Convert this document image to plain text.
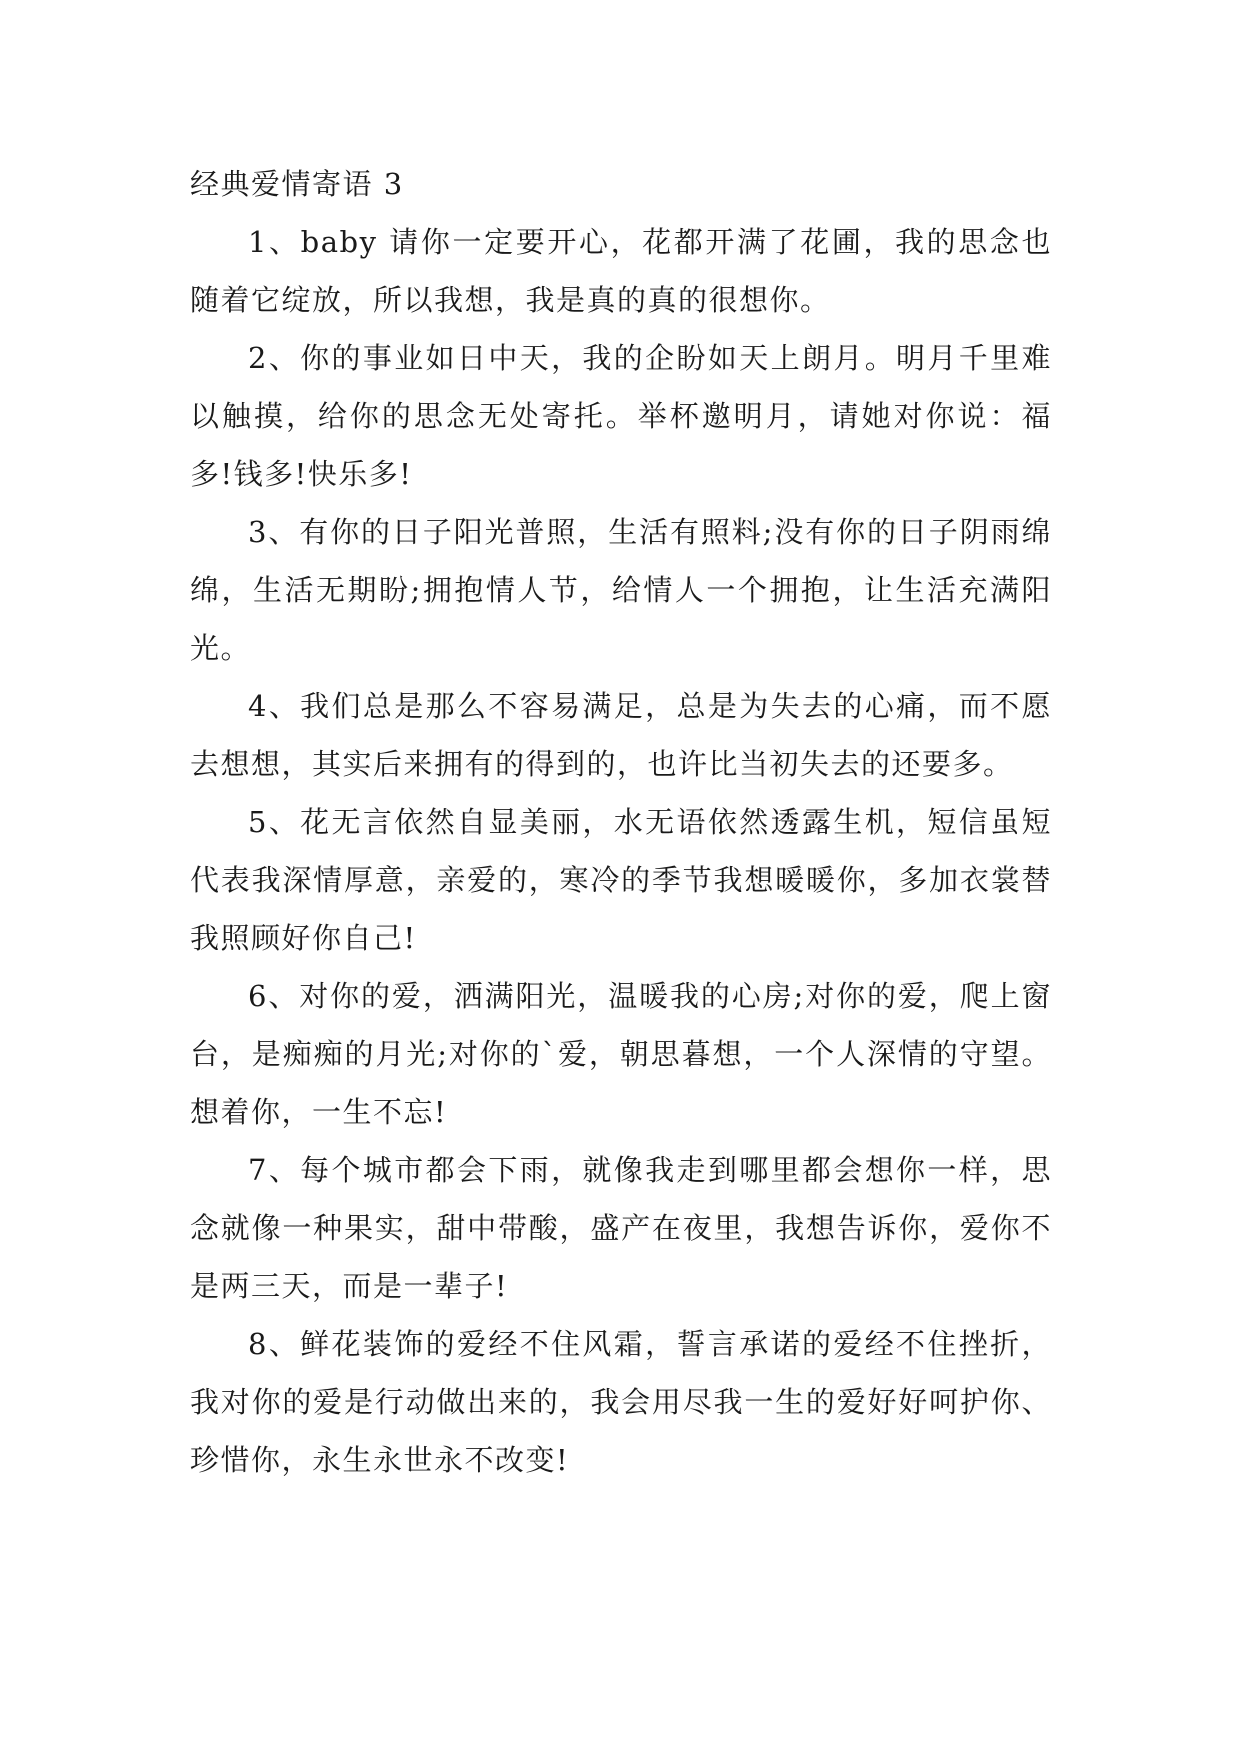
经典爱情寄语 3

1、baby 请你一定要开心，花都开满了花圃，我的思念也随着它绽放，所以我想，我是真的真的很想你。

2、你的事业如日中天，我的企盼如天上朗月。明月千里难以触摸，给你的思念无处寄托。举杯邀明月，请她对你说：福多!钱多!快乐多!

3、有你的日子阳光普照，生活有照料;没有你的日子阴雨绵绵，生活无期盼;拥抱情人节，给情人一个拥抱，让生活充满阳光。

4、我们总是那么不容易满足，总是为失去的心痛，而不愿去想想，其实后来拥有的得到的，也许比当初失去的还要多。

5、花无言依然自显美丽，水无语依然透露生机，短信虽短代表我深情厚意，亲爱的，寒冷的季节我想暖暖你，多加衣裳替我照顾好你自己!

6、对你的爱，洒满阳光，温暖我的心房;对你的爱，爬上窗台，是痴痴的月光;对你的`爱，朝思暮想，一个人深情的守望。想着你，一生不忘!

7、每个城市都会下雨，就像我走到哪里都会想你一样，思念就像一种果实，甜中带酸，盛产在夜里，我想告诉你，爱你不是两三天，而是一辈子!

8、鲜花装饰的爱经不住风霜，誓言承诺的爱经不住挫折，我对你的爱是行动做出来的，我会用尽我一生的爱好好呵护你、珍惜你，永生永世永不改变!
